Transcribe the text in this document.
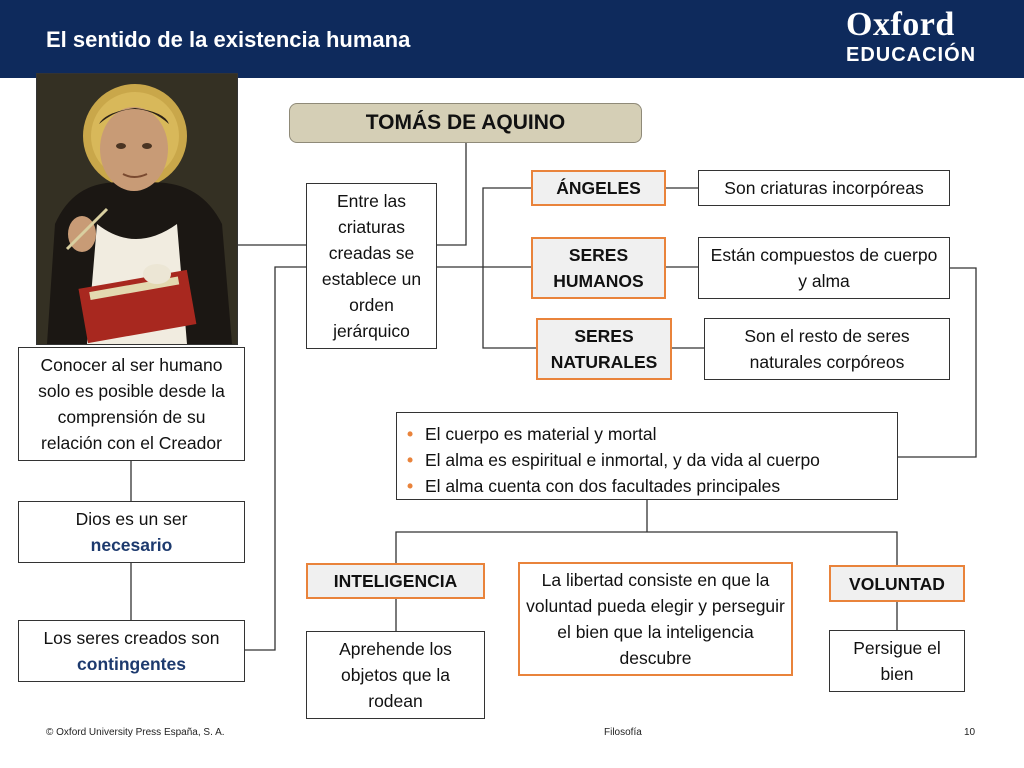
El sentido de la existencia humana	Oxford
EDUCACIÓN
TOMÁS DE AQUINO
Entre las criaturas creadas se establece un orden jerárquico
ÁNGELES	Son criaturas incorpóreas
SERES HUMANOS
Están compuestos de cuerpo y alma
SERES NATURALES
Son el resto de seres naturales corpóreos
• El cuerpo es material y mortal
• El alma es espiritual e inmortal, y da vida al cuerpo
• El alma cuenta con dos facultades principales
INTELIGENCIA
Aprehende los objetos que la rodean
La libertad consiste en que la voluntad pueda elegir y perseguir el bien que la inteligencia descubre
VOLUNTAD
Persigue el bien
Conocer al ser humano solo es posible desde la comprensión de su relación con el Creador
Dios es un ser
necesario
Los seres creados son
contingentes
© Oxford University Press España, S. A.	Filosofía	10
